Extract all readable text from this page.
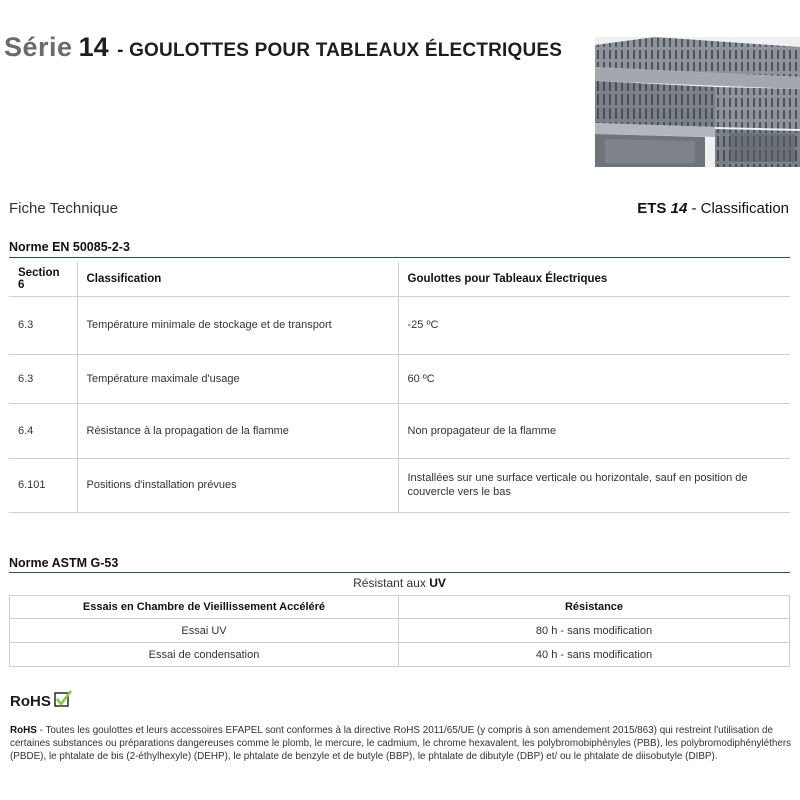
Série 14 - GOULOTTES POUR TABLEAUX ÉLECTRIQUES
Fiche Technique	ETS 14 - Classification
Norme EN 50085-2-3
Section 6	Classification	Goulottes pour Tableaux Électriques
6.3	Température minimale de stockage et de transport	-25 ºC
6.3	Température maximale d'usage	60 ºC
6.4	Résistance à la propagation de la flamme	Non propagateur de la flamme
6.101	Positions d'installation prévues	Installées sur une surface verticale ou horizontale, sauf en position de couvercle vers le bas
Norme ASTM G-53
Résistant aux UV
Essais en Chambre de Vieillissement Accéléré	Résistance
Essai UV	80 h - sans modification
Essai de condensation	40 h - sans modification
RoHS

RoHS - Toutes les goulottes et leurs accessoires EFAPEL sont conformes à la directive RoHS 2011/65/UE (y compris à son amendement 2015/863) qui restreint l'utilisation de certaines substances ou préparations dangereuses comme le plomb, le mercure, le cadmium, le chrome hexavalent, les polybromobiphényles (PBB), les polybromodiphényléthers (PBDE), le phtalate de bis (2-éthylhexyle) (DEHP), le phtalate de benzyle et de butyle (BBP), le phtalate de dibutyle (DBP) et/ ou le phtalate de diisobutyle (DIBP).
